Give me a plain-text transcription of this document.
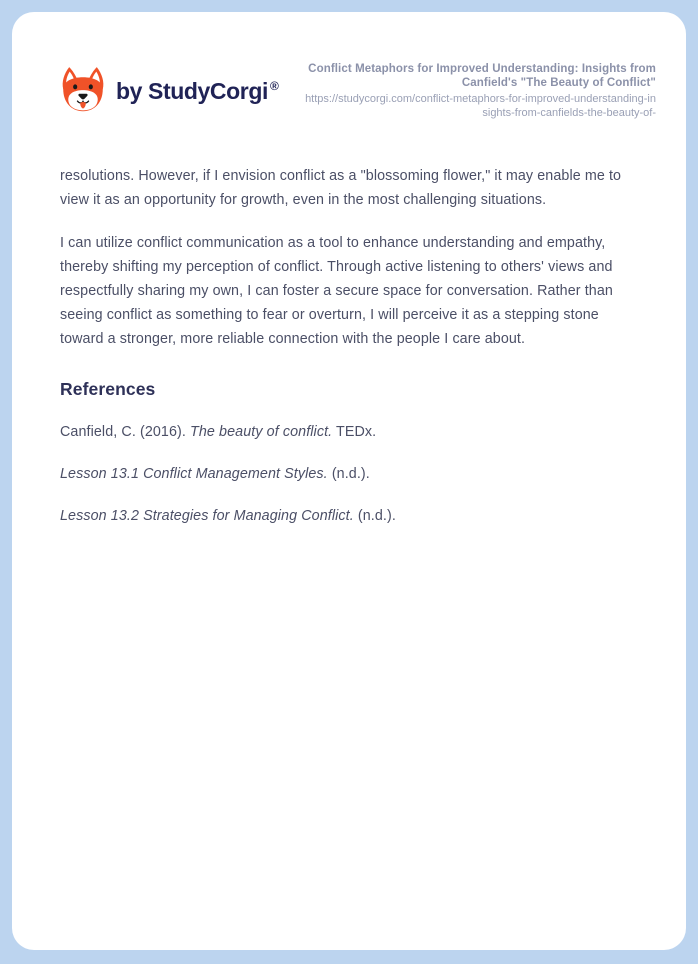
by StudyCorgi ®
Conflict Metaphors for Improved Understanding: Insights from Canfield's "The Beauty of Conflict"
https://studycorgi.com/conflict-metaphors-for-improved-understanding-insights-from-canfields-the-beauty-of-

resolutions. However, if I envision conflict as a "blossoming flower," it may enable me to view it as an opportunity for growth, even in the most challenging situations.

I can utilize conflict communication as a tool to enhance understanding and empathy, thereby shifting my perception of conflict. Through active listening to others' views and respectfully sharing my own, I can foster a secure space for conversation. Rather than seeing conflict as something to fear or overturn, I will perceive it as a stepping stone toward a stronger, more reliable connection with the people I care about.

References

Canfield, C. (2016). The beauty of conflict. TEDx.

Lesson 13.1 Conflict Management Styles. (n.d.).

Lesson 13.2 Strategies for Managing Conflict. (n.d.).
